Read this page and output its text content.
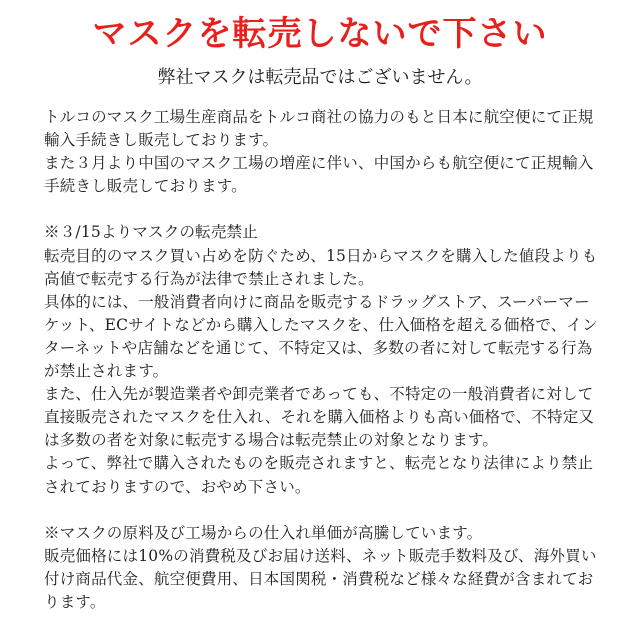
マスクを転売しないで下さい

弊社マスクは転売品ではございません。

トルコのマスク工場生産商品をトルコ商社の協力のもと日本に航空便にて正規
輸入手続きし販売しております。

また３月より中国のマスク工場の増産に伴い、中国からも航空便にて正規輸入
手続きし販売しております。

※３/15よりマスクの転売禁止

転売目的のマスク買い占めを防ぐため、15日からマスクを購入した値段よりも
高値で転売する行為が法律で禁止されました。

具体的には、一般消費者向けに商品を販売するドラッグストア、スーパーマー
ケット、ECサイトなどから購入したマスクを、仕入価格を超える価格で、イン
ターネットや店舗などを通じて、不特定又は、多数の者に対して転売する行為
が禁止されます。

また、仕入先が製造業者や卸売業者であっても、不特定の一般消費者に対して
直接販売されたマスクを仕入れ、それを購入価格よりも高い価格で、不特定又
は多数の者を対象に転売する場合は転売禁止の対象となります。

よって、弊社で購入されたものを販売されますと、転売となり法律により禁止
されておりますので、おやめ下さい。

※マスクの原料及び工場からの仕入れ単価が高騰しています。

販売価格には10%の消費税及びお届け送料、ネット販売手数料及び、海外買い
付け商品代金、航空便費用、日本国関税・消費税など様々な経費が含まれてお
ります。
